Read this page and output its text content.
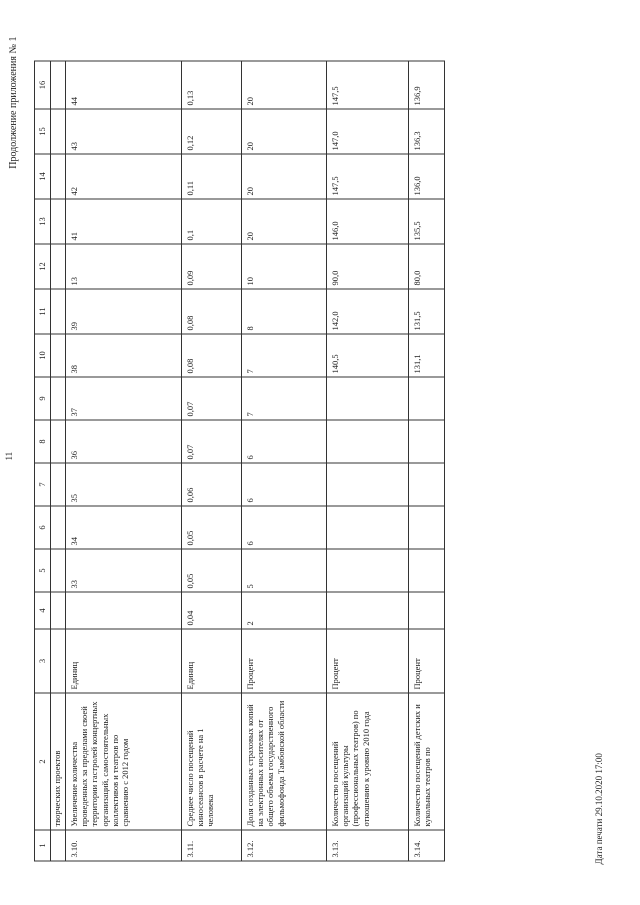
11
Продолжение приложения № 1
1	2	3	4	5	6	7	8	9	10	11	12	13	14	15	16
	творческих проектов														
3.10.	Увеличение количества проведенных за пределами своей территории гастролей концертных организаций, самостоятельных коллективов и театров по сравнению с 2012 годом	Единиц		33	34	35	36	37	38	39	13	41	42	43	44
3.11.	Среднее число посещений киносеансов в расчете на 1 человека	Единиц	0,04	0,05	0,05	0,06	0,07	0,07	0,08	0,08	0,09	0,1	0,11	0,12	0,13
3.12.	Доля созданных страховых копий на электронных носителях от общего объема государственного фильмофонда Тамбовской области	Процент	2	5	6	6	6	7	7	8	10	20	20	20	20
3.13.	Количество посещений организаций культуры (профессиональных театров) по отношению к уровню 2010 года	Процент							140,5	142,0	90,0	146,0	147,5	147,0	147,5
3.14.	Количество посещений детских и кукольных театров по	Процент							131,1	131,5	80,0	135,5	136,0	136,3	136,9
Дата печати 29.10.2020 17:00
